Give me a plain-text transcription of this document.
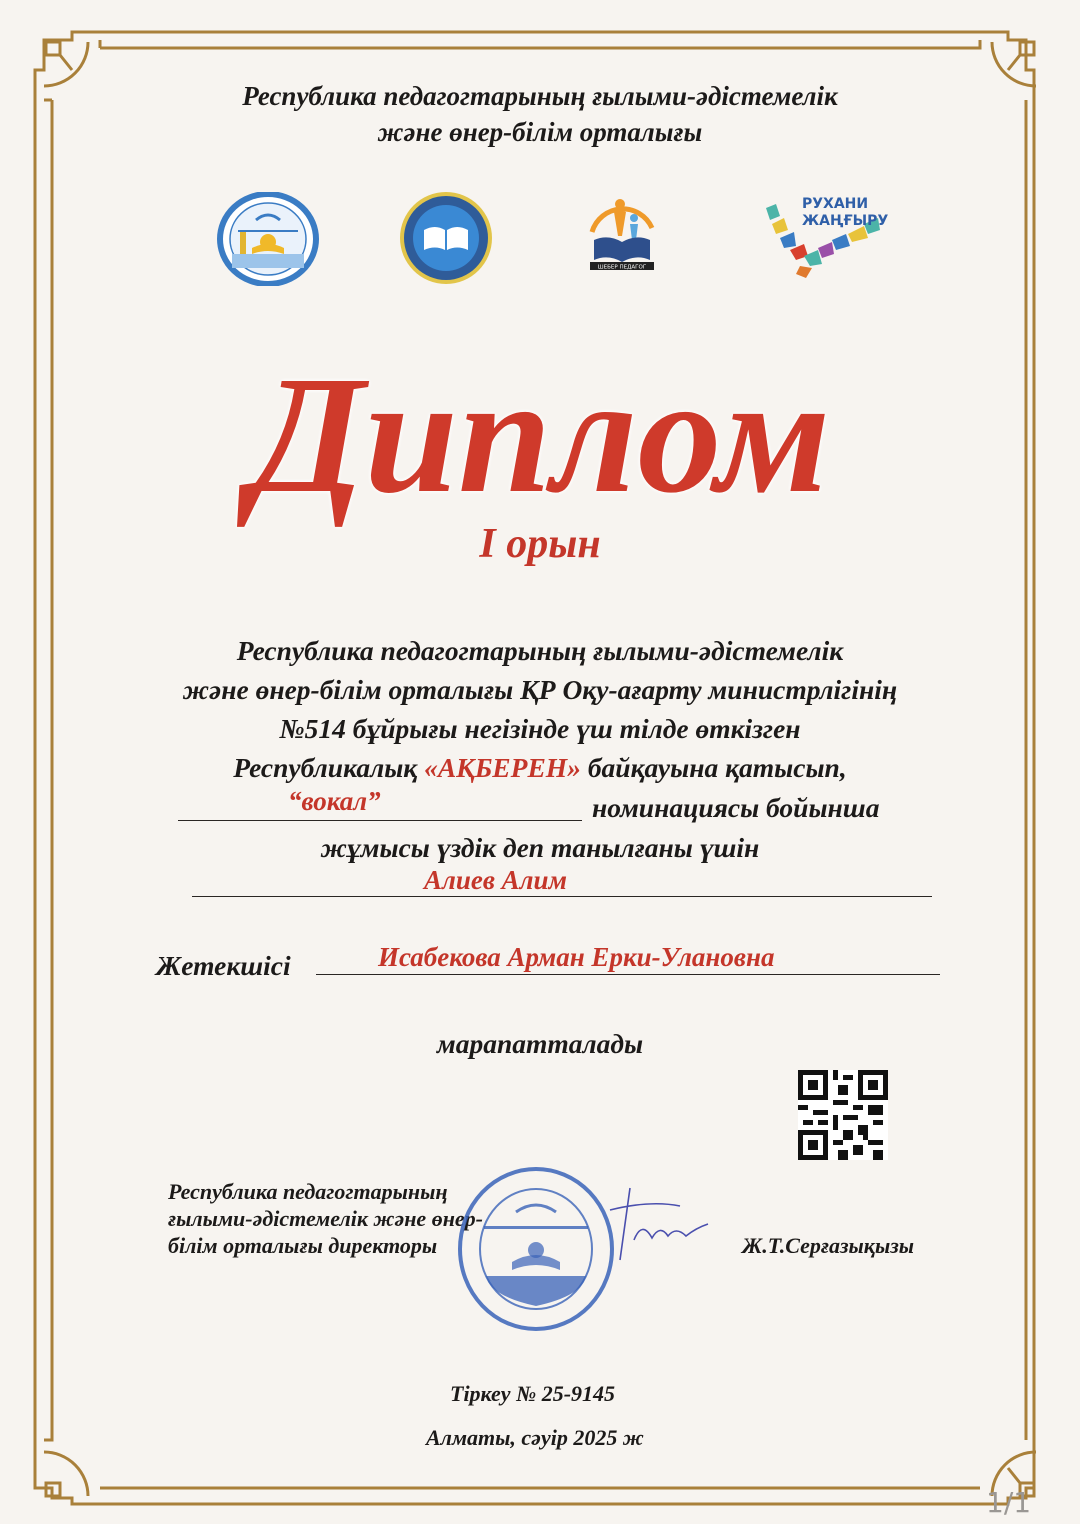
Республика педагогтарының ғылыми-әдістемелік
және өнер-білім орталығы
ШЕБЕР ПЕДАГОГ
РУХАНИ
ЖАҢҒЫРУ
Диплом
I орын
Республика педагогтарының ғылыми-әдістемелік
және өнер-білім орталығы ҚР Оқу-ағарту министрлігінің
№514 бұйрығы негізінде үш тілде өткізген
Республикалық «АҚБЕРЕН» байқауына қатысып,
“вокал”	номинациясы бойынша
жұмысы үздік деп танылғаны үшін
Алиев Алим
Жетекшісі	Исабекова Арман Ерки-Улановна
марапатталады
Республика педагогтарының
ғылыми-әдістемелік және өнер-
білім орталығы директоры	Ж.Т.Серғазықызы
Тіркеу № 25-9145
Алматы, сәуір 2025 ж
1/1
